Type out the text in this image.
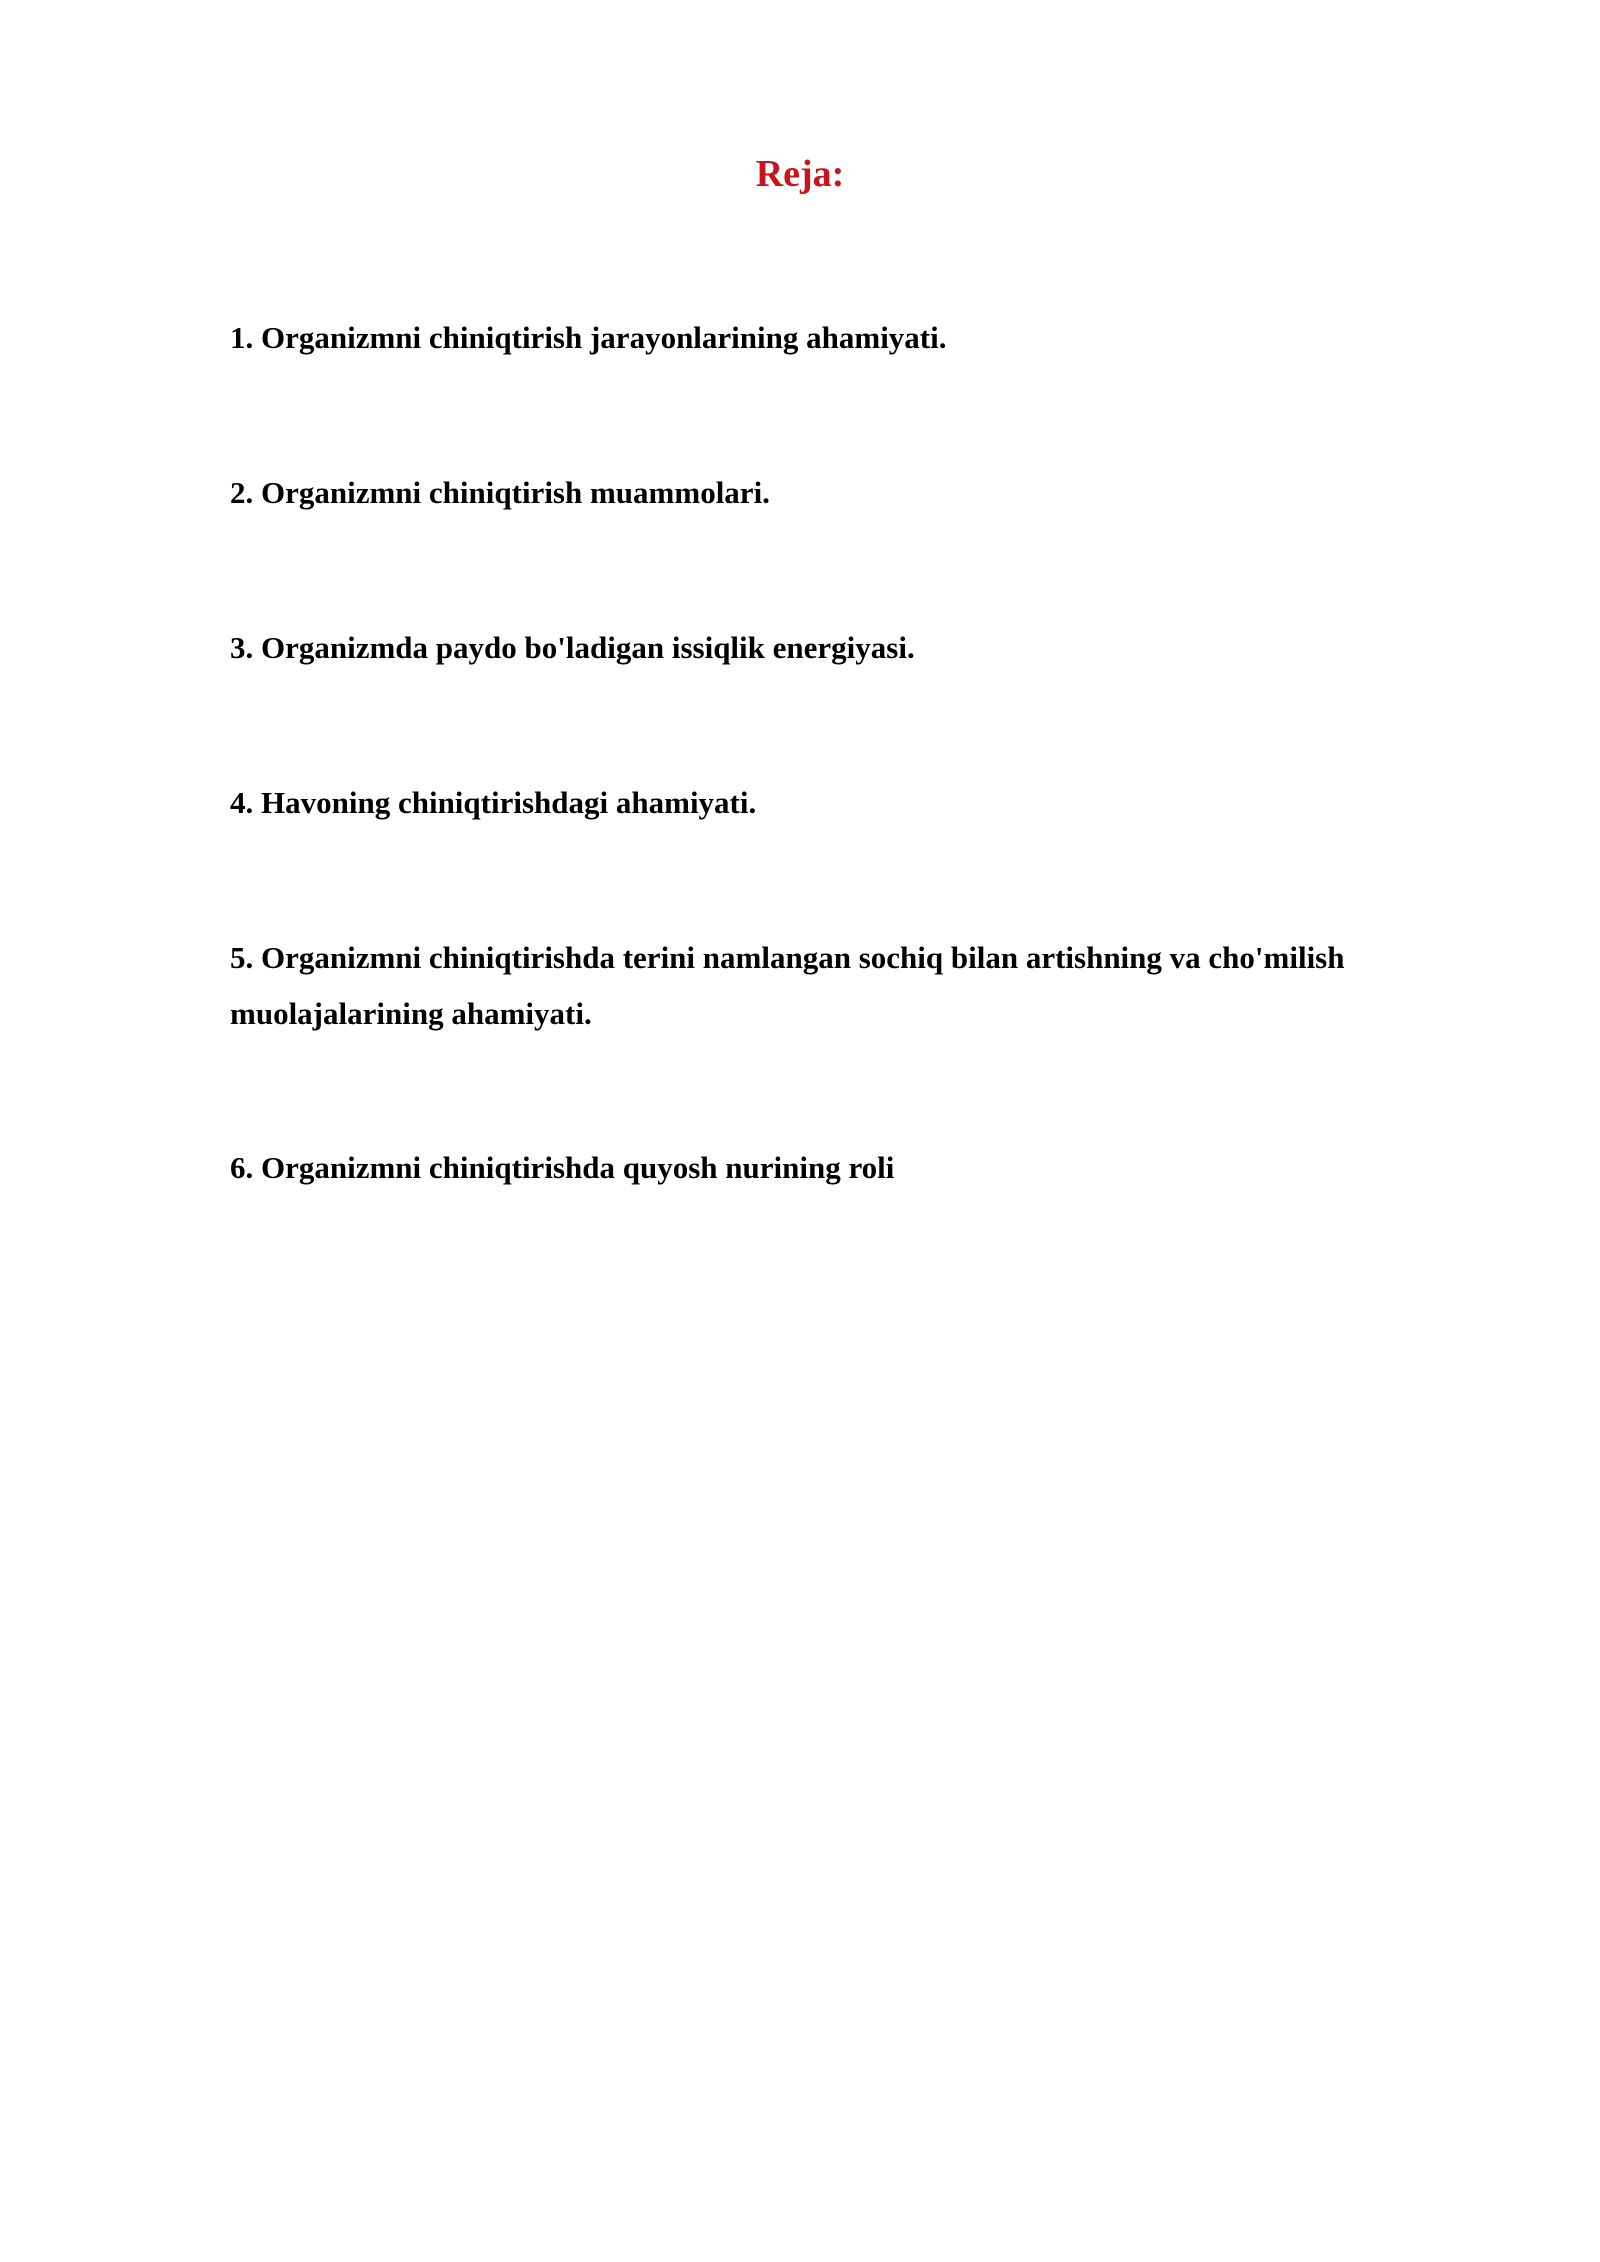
Reja:

1. Organizmni chiniqtirish jarayonlarining ahamiyati.

2. Organizmni chiniqtirish muammolari.

3. Organizmda paydo bo'ladigan issiqlik energiyasi.

4. Havoning chiniqtirishdagi ahamiyati.

5. Organizmni chiniqtirishda terini namlangan sochiq bilan artishning va cho'milish muolajalarining ahamiyati.

6. Organizmni chiniqtirishda quyosh nurining roli
